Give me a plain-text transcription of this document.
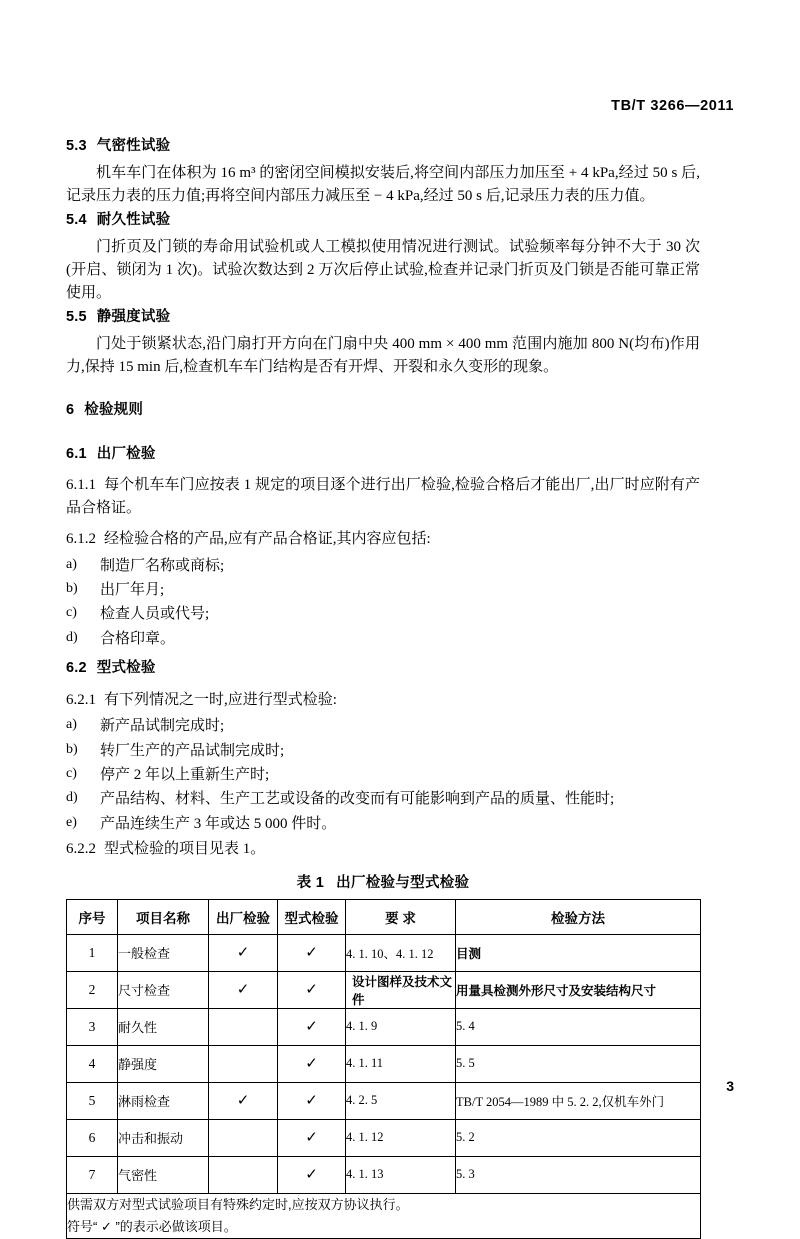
TB/T 3266—2011
5.3 气密性试验

机车车门在体积为 16 m³ 的密闭空间模拟安装后,将空间内部压力加压至 + 4 kPa,经过 50 s 后,记录压力表的压力值;再将空间内部压力减压至 − 4 kPa,经过 50 s 后,记录压力表的压力值。

5.4 耐久性试验

门折页及门锁的寿命用试验机或人工模拟使用情况进行测试。试验频率每分钟不大于 30 次(开启、锁闭为 1 次)。试验次数达到 2 万次后停止试验,检查并记录门折页及门锁是否能可靠正常使用。

5.5 静强度试验

门处于锁紧状态,沿门扇打开方向在门扇中央 400 mm × 400 mm 范围内施加 800 N(均布)作用力,保持 15 min 后,检查机车车门结构是否有开焊、开裂和永久变形的现象。

6 检验规则
6.1 出厂检验

6.1.1 每个机车车门应按表 1 规定的项目逐个进行出厂检验,检验合格后才能出厂,出厂时应附有产品合格证。

6.1.2 经检验合格的产品,应有产品合格证,其内容应包括:

a)	制造厂名称或商标;
b)	出厂年月;
c)	检查人员或代号;
d)	合格印章。
6.2 型式检验

6.2.1 有下列情况之一时,应进行型式检验:

a)	新产品试制完成时;
b)	转厂生产的产品试制完成时;
c)	停产 2 年以上重新生产时;
d)	产品结构、材料、生产工艺或设备的改变而有可能影响到产品的质量、性能时;
e)	产品连续生产 3 年或达 5 000 件时。

6.2.2 型式检验的项目见表 1。

表 1 出厂检验与型式检验
序号	项目名称	出厂检验	型式检验	要 求	检验方法
1	一般检查	✓	✓	4. 1. 10、4. 1. 12	目测
2	尺寸检查	✓	✓	设计图样及技术文件	用量具检测外形尺寸及安装结构尺寸
3	耐久性		✓	4. 1. 9	5. 4
4	静强度		✓	4. 1. 11	5. 5
5	淋雨检查	✓	✓	4. 2. 5	TB/T 2054—1989 中 5. 2. 2,仅机车外门
6	冲击和振动		✓	4. 1. 12	5. 2
7	气密性		✓	4. 1. 13	5. 3

供需双方对型式试验项目有特殊约定时,应按双方协议执行。
符号“ ✓ ”的表示必做该项目。					
3
